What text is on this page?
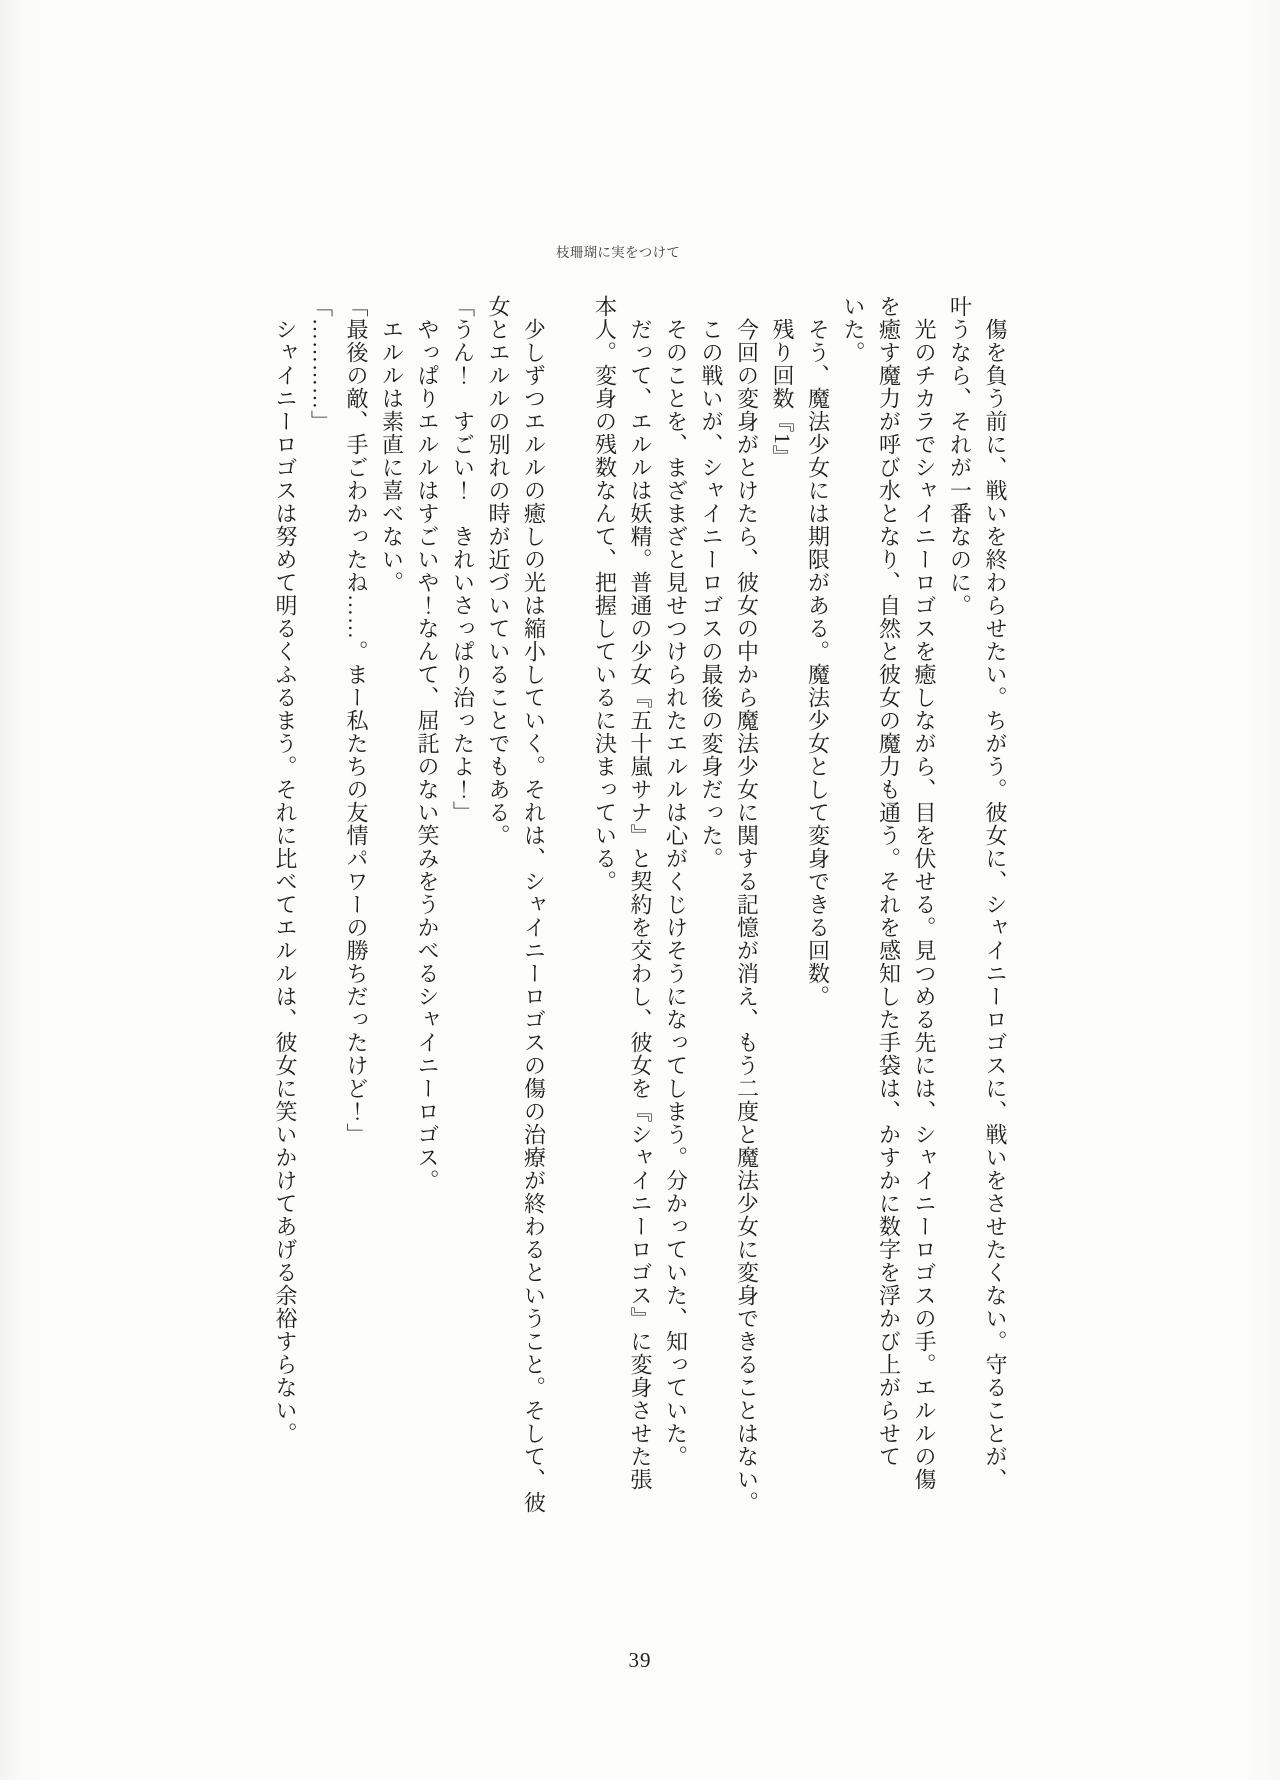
枝珊瑚に実をつけて
　傷を負う前に、戦いを終わらせたい。ちがう。彼女に、シャイニーロゴスに、戦いをさせたくない。守ることが、
叶うなら、それが一番なのに。
　光のチカラでシャイニーロゴスを癒しながら、目を伏せる。見つめる先には、シャイニーロゴスの手。エルルの傷
を癒す魔力が呼び水となり、自然と彼女の魔力も通う。それを感知した手袋は、かすかに数字を浮かび上がらせて
いた。
　そう、魔法少女には期限がある。魔法少女として変身できる回数。
　残り回数『1』
　今回の変身がとけたら、彼女の中から魔法少女に関する記憶が消え、もう二度と魔法少女に変身できることはない。
　この戦いが、シャイニーロゴスの最後の変身だった。
　そのことを、まざまざと見せつけられたエルルは心がくじけそうになってしまう。分かっていた、知っていた。
　だって、エルルは妖精。普通の少女『五十嵐サナ』と契約を交わし、彼女を『シャイニーロゴス』に変身させた張
本人。変身の残数なんて、把握しているに決まっている。

　少しずつエルルの癒しの光は縮小していく。それは、シャイニーロゴスの傷の治療が終わるということ。そして、彼
女とエルルの別れの時が近づいていることでもある。
「うん！　すごい！　きれいさっぱり治ったよ！」
　やっぱりエルルはすごいや！なんて、屈託のない笑みをうかべるシャイニーロゴス。
　エルルは素直に喜べない。
「最後の敵、手ごわかったね……。まー私たちの友情パワーの勝ちだったけど！」
「…………」
　シャイニーロゴスは努めて明るくふるまう。それに比べてエルルは、彼女に笑いかけてあげる余裕すらない。
39
